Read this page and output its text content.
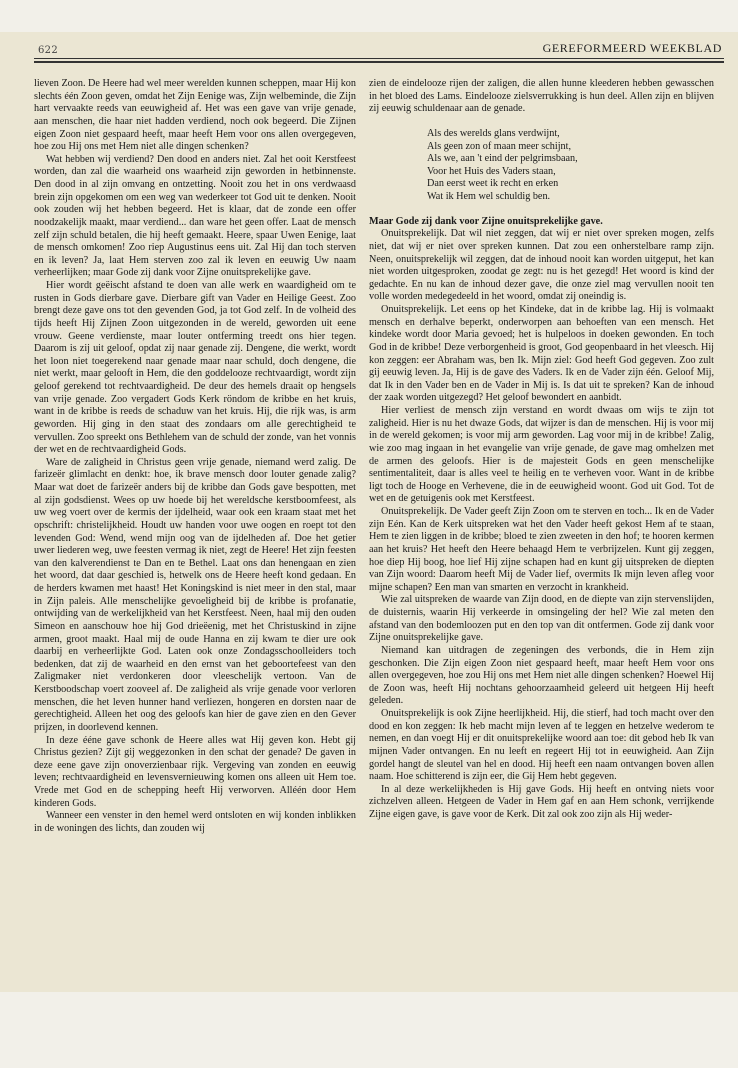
622	GEREFORMEERD WEEKBLAD

lieven Zoon. De Heere had wel meer werelden kunnen scheppen, maar Hij kon slechts één Zoon geven, omdat het Zijn Eenige was, Zijn welbeminde, die Zijn hart vervaakte reeds van eeuwigheid af. Het was een gave van vrije genade, aan menschen, die haar niet hadden verdiend, noch ook begeerd. Die Zijnen eigen Zoon niet gespaard heeft, maar heeft Hem voor ons allen overgegeven, hoe zou Hij ons met Hem niet alle dingen schenken?

Wat hebben wij verdiend? Den dood en anders niet. Zal het ooit Kerstfeest worden, dan zal die waarheid ons waarheid zijn geworden in hetbinnenste. Den dood in al zijn omvang en ontzetting. Nooit zou het in ons verdwaasd brein zijn opgekomen om een weg van wederkeer tot God uit te denken. Nooit ook zouden wij het hebben begeerd. Het is klaar, dat de zonde een offer noodzakelijk maakt, maar verdiend... dan ware het geen offer. Laat de mensch zelf zijn schuld betalen, die hij heeft gemaakt. Heere, spaar Uwen Eenige, laat de mensch omkomen! Zoo riep Augustinus eens uit. Zal Hij dan toch sterven en ik leven? Ja, laat Hem sterven zoo zal ik leven en eeuwig Uw naam verheerlijken; maar Gode zij dank voor Zijne onuitsprekelijke gave.

Hier wordt geëischt afstand te doen van alle werk en waardigheid om te rusten in Gods dierbare gave. Dierbare gift van Vader en Heilige Geest. Zoo brengt deze gave ons tot den gevenden God, ja tot God zelf. In de volheid des tijds heeft Hij Zijnen Zoon uitgezonden in de wereld, geworden uit eene vrouw. Geene verdienste, maar louter ontferming treedt ons hier tegen. Daarom is zij uit geloof, opdat zij naar genade zij. Dengene, die werkt, wordt het loon niet toegerekend naar genade maar naar schuld, doch dengene, die niet werkt, maar gelooft in Hem, die den goddelooze rechtvaardigt, wordt zijn geloof gerekend tot rechtvaardigheid. De deur des hemels draait op hengsels van vrije genade. Zoo vergadert Gods Kerk röndom de kribbe en het kruis, want in de kribbe is reeds de schaduw van het kruis. Hij, die rijk was, is arm geworden. Hij ging in den staat des zondaars om alle gerechtigheid te vervullen. Zoo spreekt ons Bethlehem van de schuld der zonde, van het vonnis der wet en de rechtvaardigheid Gods.

Ware de zaligheid in Christus geen vrije genade, niemand werd zalig. De farizeër glimlacht en denkt: hoe, ik brave mensch door louter genade zalig? Maar wat doet de farizeër anders bij de kribbe dan Gods gave bespotten, met al zijn godsdienst. Wees op uw hoede bij het wereldsche kerstboomfeest, als uw weg voert over de kermis der ijdelheid, waar ook een kraam staat met het opschrift: christelijkheid. Houdt uw handen voor uwe oogen en roept tot den levenden God: Wend, wend mijn oog van de ijdelheden af. Doe het getier uwer liederen weg, uwe feesten vermag ik niet, zegt de Heere! Het zijn feesten van den kalverendienst te Dan en te Bethel. Laat ons dan henengaan en zien het woord, dat daar geschied is, hetwelk ons de Heere heeft kond gedaan. En de herders kwamen met haast! Het Koningskind is niet meer in den stal, maar in Zijn paleis. Alle menschelijke gevoeligheid bij de kribbe is profanatie, ontwijding van de werkelijkheid van het Kerstfeest. Neen, haal mij den ouden Simeon en aanschouw hoe hij God drieëenig, met het Christuskind in zijne armen, groot maakt. Haal mij de oude Hanna en zij kwam te dier ure ook daarbij en verheerlijkte God. Laten ook onze Zondagsschoolleiders toch bedenken, dat zij de waarheid en den ernst van het geboortefeest van den Zaligmaker niet verdonkeren door vleeschelijk vertoon. Van de Kerstboodschap voert zooveel af. De zaligheid als vrije genade voor verloren menschen, die het leven hunner hand verliezen, hongeren en dorsten naar de gerechtigheid. Alleen het oog des geloofs kan hier de gave zien en den Gever prijzen, in doorlevend kennen.

In deze ééne gave schonk de Heere alles wat Hij geven kon. Hebt gij Christus gezien? Zijt gij weggezonken in den schat der genade? De gaven in deze eene gave zijn onoverzienbaar rijk. Vergeving van zonden en eeuwig leven; rechtvaardigheid en levensvernieuwing komen ons alleen uit Hem toe. Vrede met God en de schepping heeft Hij verworven. Alléén door Hem kinderen Gods.

Wanneer een venster in den hemel werd ontsloten en wij konden inblikken in de woningen des lichts, dan zouden wij

zien de eindelooze rijen der zaligen, die allen hunne kleederen hebben gewasschen in het bloed des Lams. Eindelooze zielsverrukking is hun deel. Allen zijn en blijven zij eeuwig schuldenaar aan de genade.

Als des werelds glans verdwijnt,
Als geen zon of maan meer schijnt,
Als we, aan 't eind der pelgrimsbaan,
Voor het Huis des Vaders staan,
Dan eerst weet ik recht en erken
Wat ik Hem wel schuldig ben.

Maar Gode zij dank voor Zijne onuitsprekelijke gave.

Onuitsprekelijk. Dat wil niet zeggen, dat wij er niet over spreken mogen, zelfs niet, dat wij er niet over spreken kunnen. Dat zou een onherstelbare ramp zijn. Neen, onuitsprekelijk wil zeggen, dat de inhoud nooit kan worden uitgeput, het kan niet worden uitgesproken, zoodat ge zegt: nu is het gezegd! Het woord is kind der gedachte. En nu kan de inhoud dezer gave, die onze ziel mag vervullen nooit ten volle worden medegedeeld in het woord, omdat zij oneindig is.

Onuitsprekelijk. Let eens op het Kindeke, dat in de kribbe lag. Hij is volmaakt mensch en derhalve beperkt, onderworpen aan behoeften van een mensch. Het kindeke wordt door Maria gevoed; het is hulpeloos in doeken gewonden. En toch God in de kribbe! Deze verborgenheid is groot, God geopenbaard in het vleesch. Hij kon zeggen: eer Abraham was, ben Ik. Mijn ziel: God heeft God gegeven. Zoo zult gij eeuwig leven. Ja, Hij is de gave des Vaders. Ik en de Vader zijn één. Geloof Mij, dat Ik in den Vader ben en de Vader in Mij is. Is dat uit te spreken? Kan de inhoud der zaak worden uitgezegd? Het geloof bewondert en aanbidt.

Hier verliest de mensch zijn verstand en wordt dwaas om wijs te zijn tot zaligheid. Hier is nu het dwaze Gods, dat wijzer is dan de menschen. Hij is voor mij in de wereld gekomen; is voor mij arm geworden. Lag voor mij in de kribbe! Zalig, wie zoo mag ingaan in het evangelie van vrije genade, de gave mag omhelzen met de armen des geloofs. Hier is de majesteit Gods en geen menschelijke sentimentaliteit, daar is alles veel te heilig en te verheven voor. Want in de kribbe ligt toch de Hooge en Verhevene, die in de eeuwigheid woont. God uit God. Tot de wet en de getuigenis ook met Kerstfeest.

Onuitsprekelijk. De Vader geeft Zijn Zoon om te sterven en toch... Ik en de Vader zijn Eén. Kan de Kerk uitspreken wat het den Vader heeft gekost Hem af te staan, Hem te zien liggen in de kribbe; bloed te zien zweeten in den hof; te hooren kermen aan het kruis? Het heeft den Heere behaagd Hem te verbrijzelen. Kunt gij zeggen, hoe diep Hij boog, hoe lief Hij zijne schapen had en kunt gij uitspreken de diepten van Zijn woord: Daarom heeft Mij de Vader lief, overmits Ik mijn leven afleg voor mijne schapen? Een man van smarten en verzocht in krankheid.

Wie zal uitspreken de waarde van Zijn dood, en de diepte van zijn stervenslijden, de duisternis, waarin Hij verkeerde in omsingeling der hel? Wie zal meten den afstand van den bodemloozen put en den top van dit ontfermen. Gode zij dank voor Zijne onuitsprekelijke gave.

Niemand kan uitdragen de zegeningen des verbonds, die in Hem zijn geschonken. Die Zijn eigen Zoon niet gespaard heeft, maar heeft Hem voor ons allen overgegeven, hoe zou Hij ons met Hem niet alle dingen schenken? Hoewel Hij de Zoon was, heeft Hij nochtans gehoorzaamheid geleerd uit hetgeen Hij heeft geleden.

Onuitsprekelijk is ook Zijne heerlijkheid. Hij, die stierf, had toch macht over den dood en kon zeggen: Ik heb macht mijn leven af te leggen en hetzelve wederom te nemen, en dan voegt Hij er dit onuitsprekelijke woord aan toe: dit gebod heb Ik van mijnen Vader ontvangen. En nu leeft en regeert Hij tot in eeuwigheid. Aan Zijn gordel hangt de sleutel van hel en dood. Hij heeft een naam ontvangen boven allen naam. Hoe schitterend is zijn eer, die Gij Hem hebt gegeven.

In al deze werkelijkheden is Hij gave Gods. Hij heeft en ontving niets voor zichzelven alleen. Hetgeen de Vader in Hem gaf en aan Hem schonk, verrijkende Zijne eigen gave, is gave voor de Kerk. Dit zal ook zoo zijn als Hij weder-
